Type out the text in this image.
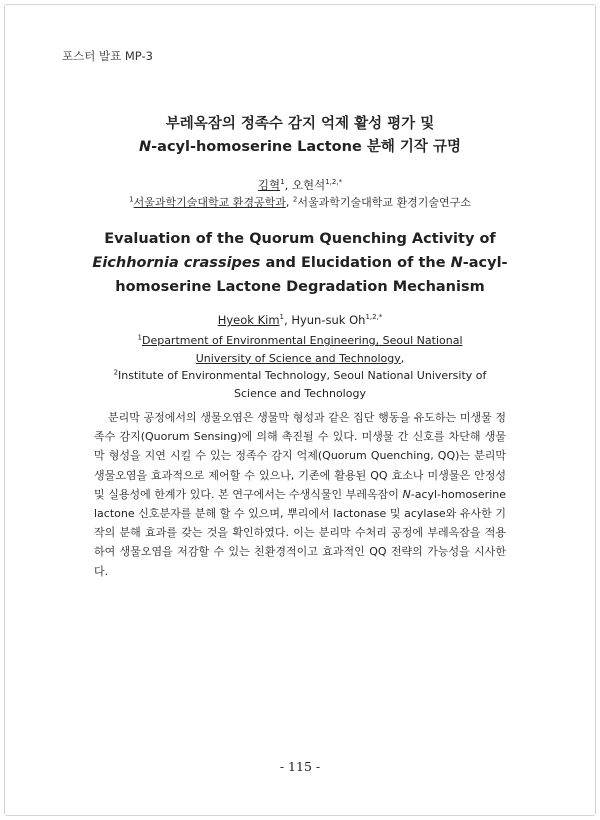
포스터 발표 MP-3
부레옥잠의 정족수 감지 억제 활성 평가 및
N-acyl-homoserine Lactone 분해 기작 규명
김혁$^1$, 오현석$^{1,2,*}$
$^1$서울과학기술대학교 환경공학과, $^2$서울과학기술대학교 환경기술연구소
Evaluation of the Quorum Quenching Activity of Eichhornia crassipes and Elucidation of the N-acyl-homoserine Lactone Degradation Mechanism
Hyeok Kim$^1$, Hyun-suk $Oh^{1,2,*}$
$^1$Department of Environmental Engineering, Seoul National University of Science and Technology,
$^2$Institute of Environmental Technology, Seoul National University of Science and Technology
분리막 공정에서의 생물오염은 생물막 형성과 같은 집단 행동을 유도하는 미생물 정족수 감지(Quorum Sensing)에 의해 촉진될 수 있다. 미생물 간 신호를 차단해 생물막 형성을 지연 시킬 수 있는 정족수 감지 억제(Quorum Quenching, QQ)는 분리막 생물오염을 효과적으로 제어할 수 있으나, 기존에 활용된 QQ 효소나 미생물은 안정성 및 실용성에 한계가 있다. 본 연구에서는 수생식물인 부레옥잠이 N-acyl-homoserine lactone 신호분자를 분해 할 수 있으며, 뿌리에서 lactonase 및 acylase와 유사한 기작의 분해 효과를 갖는 것을 확인하였다. 이는 분리막 수처리 공정에 부레옥잠을 적용하여 생물오염을 저감할 수 있는 친환경적이고 효과적인 QQ 전략의 가능성을 시사한다.
- 115 -
